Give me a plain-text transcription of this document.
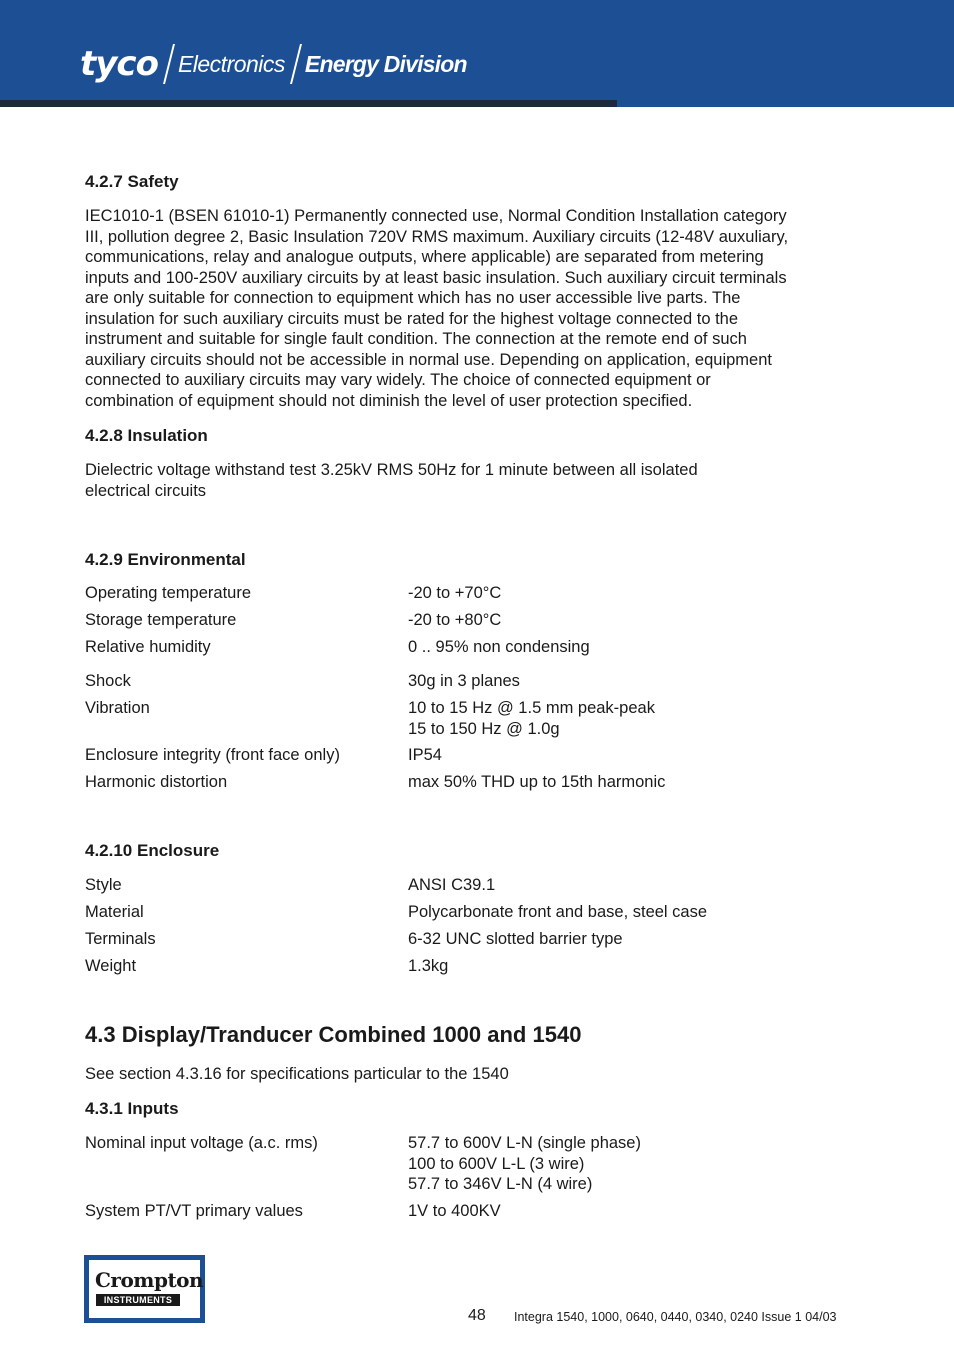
tyco Electronics Energy Division
4.2.7 Safety
IEC1010-1 (BSEN 61010-1) Permanently connected use, Normal Condition Installation category
III, pollution degree 2, Basic Insulation 720V RMS maximum. Auxiliary circuits (12-48V auxuliary,
communications, relay and analogue outputs, where applicable) are separated from metering
inputs and 100-250V auxiliary circuits by at least basic insulation. Such auxiliary circuit terminals
are only suitable for connection to equipment which has no user accessible live parts. The
insulation for such auxiliary circuits must be rated for the highest voltage connected to the
instrument and suitable for single fault condition. The connection at the remote end of such
auxiliary circuits should not be accessible in normal use. Depending on application, equipment
connected to auxiliary circuits may vary widely. The choice of connected equipment or
combination of equipment should not diminish the level of user protection specified.
4.2.8 Insulation
Dielectric voltage withstand test 3.25kV RMS 50Hz for 1 minute between all isolated
electrical circuits
4.2.9 Environmental
Operating temperature	-20 to +70°C
Storage temperature	-20 to +80°C
Relative humidity	0 .. 95% non condensing
Shock	30g in 3 planes
Vibration	10 to 15 Hz @ 1.5 mm peak-peak
15 to 150 Hz @ 1.0g
Enclosure integrity (front face only)	IP54
Harmonic distortion	max 50% THD up to 15th harmonic
4.2.10 Enclosure
Style	ANSI C39.1
Material	Polycarbonate front and base, steel case
Terminals	6-32 UNC slotted barrier type
Weight	1.3kg
4.3 Display/Tranducer Combined 1000 and 1540
See section 4.3.16 for specifications particular to the 1540
4.3.1 Inputs
Nominal input voltage (a.c. rms)	57.7 to 600V L-N (single phase)
100 to 600V L-L (3 wire)
57.7 to 346V L-N (4 wire)
System PT/VT primary values	1V to 400KV
Crompton
INSTRUMENTS
48 Integra 1540, 1000, 0640, 0440, 0340, 0240 Issue 1 04/03
